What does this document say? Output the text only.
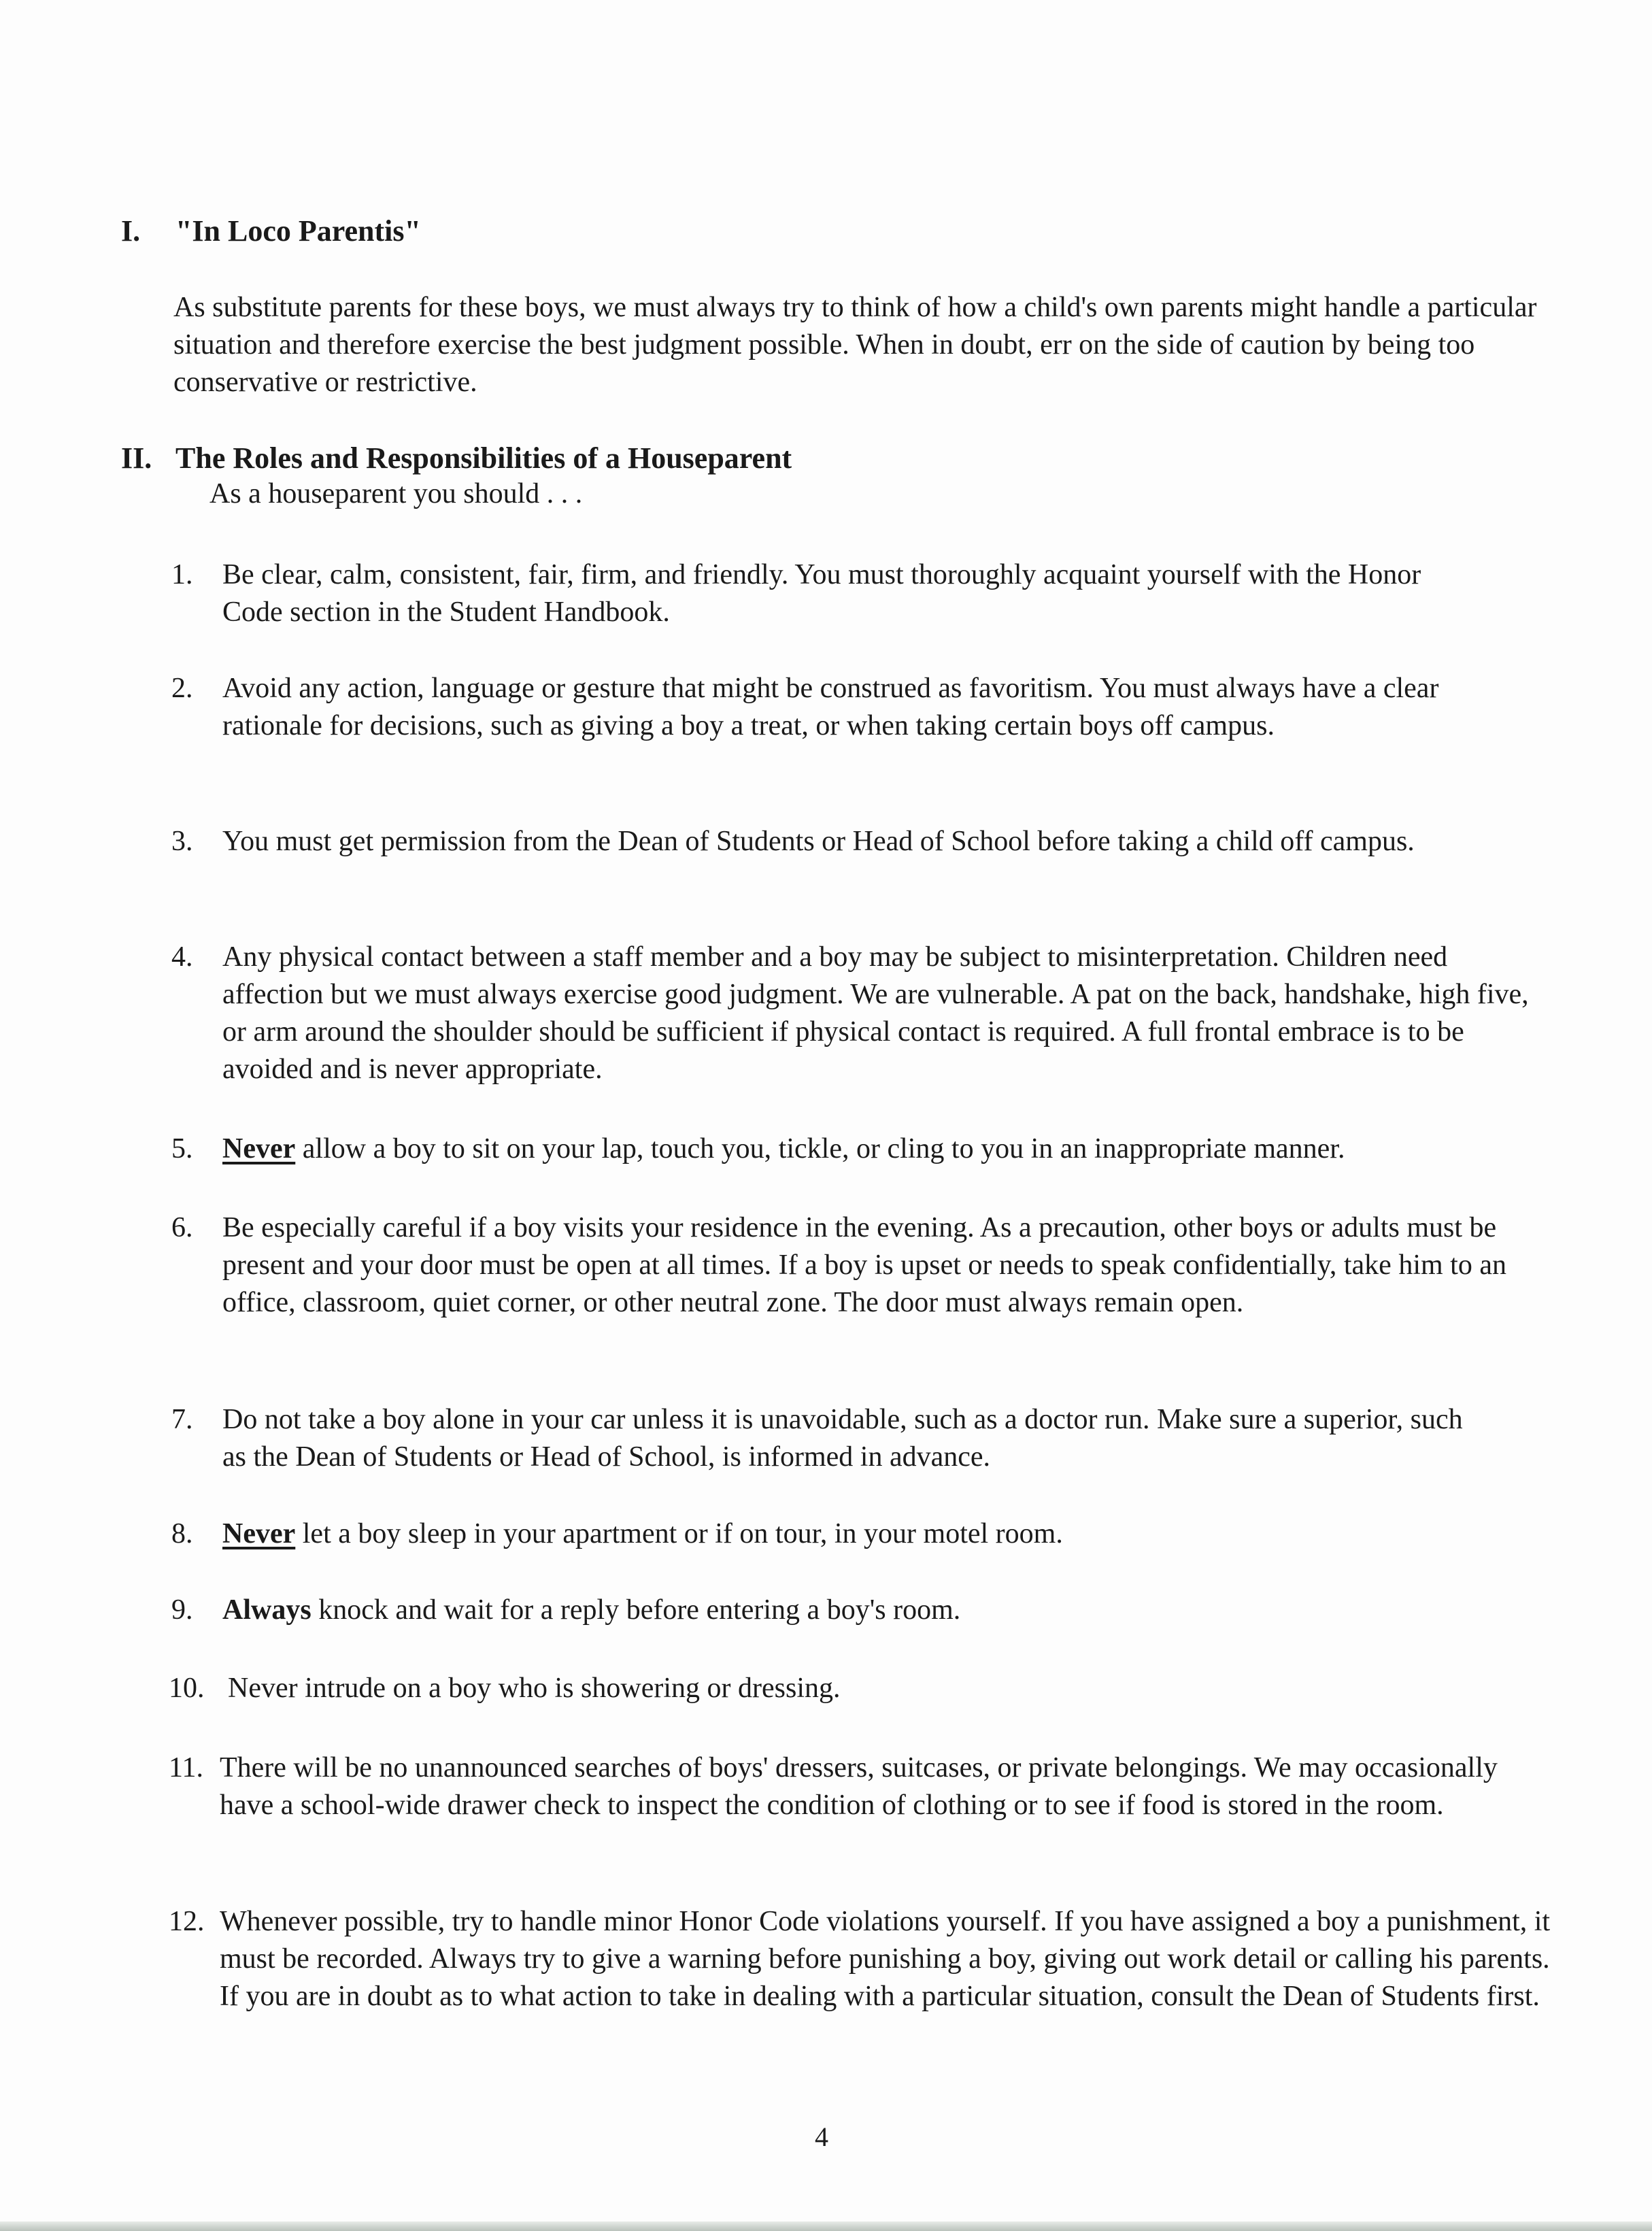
I. "In Loco Parentis"

As substitute parents for these boys, we must always try to think of how a child's own parents might handle a particular situation and therefore exercise the best judgment possible. When in doubt, err on the side of caution by being too conservative or restrictive.

II. The Roles and Responsibilities of a Houseparent
As a houseparent you should . . .
1. Be clear, calm, consistent, fair, firm, and friendly. You must thoroughly acquaint yourself with the Honor Code section in the Student Handbook.
2. Avoid any action, language or gesture that might be construed as favoritism. You must always have a clear rationale for decisions, such as giving a boy a treat, or when taking certain boys off campus.
3. You must get permission from the Dean of Students or Head of School before taking a child off campus.
4. Any physical contact between a staff member and a boy may be subject to misinterpretation. Children need affection but we must always exercise good judgment. We are vulnerable. A pat on the back, handshake, high five, or arm around the shoulder should be sufficient if physical contact is required. A full frontal embrace is to be avoided and is never appropriate.
5. Never allow a boy to sit on your lap, touch you, tickle, or cling to you in an inappropriate manner.
6. Be especially careful if a boy visits your residence in the evening. As a precaution, other boys or adults must be present and your door must be open at all times. If a boy is upset or needs to speak confidentially, take him to an office, classroom, quiet corner, or other neutral zone. The door must always remain open.
7. Do not take a boy alone in your car unless it is unavoidable, such as a doctor run. Make sure a superior, such as the Dean of Students or Head of School, is informed in advance.
8. Never let a boy sleep in your apartment or if on tour, in your motel room.
9. Always knock and wait for a reply before entering a boy's room.
10. Never intrude on a boy who is showering or dressing.
11. There will be no unannounced searches of boys' dressers, suitcases, or private belongings. We may occasionally have a school-wide drawer check to inspect the condition of clothing or to see if food is stored in the room.
12. Whenever possible, try to handle minor Honor Code violations yourself. If you have assigned a boy a punishment, it must be recorded. Always try to give a warning before punishing a boy, giving out work detail or calling his parents. If you are in doubt as to what action to take in dealing with a particular situation, consult the Dean of Students first.
4
